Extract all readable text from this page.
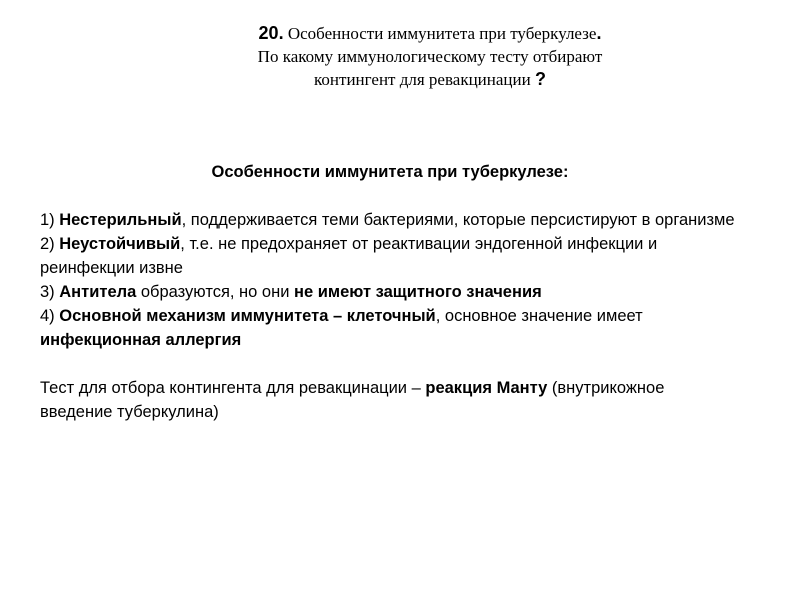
20. Особенности иммунитета при туберкулезе.
По какому иммунологическому тесту отбирают
контингент для ревакцинации ?
Особенности иммунитета при туберкулезе:

1) Нестерильный, поддерживается теми бактериями, которые персистируют в организме

2) Неустойчивый, т.е. не предохраняет от реактивации эндогенной инфекции и реинфекции извне

3) Антитела образуются, но они не имеют защитного значения

4) Основной механизм иммунитета – клеточный, основное значение имеет инфекционная аллергия

Тест для отбора контингента для ревакцинации – реакция Манту (внутрикожное введение туберкулина)
